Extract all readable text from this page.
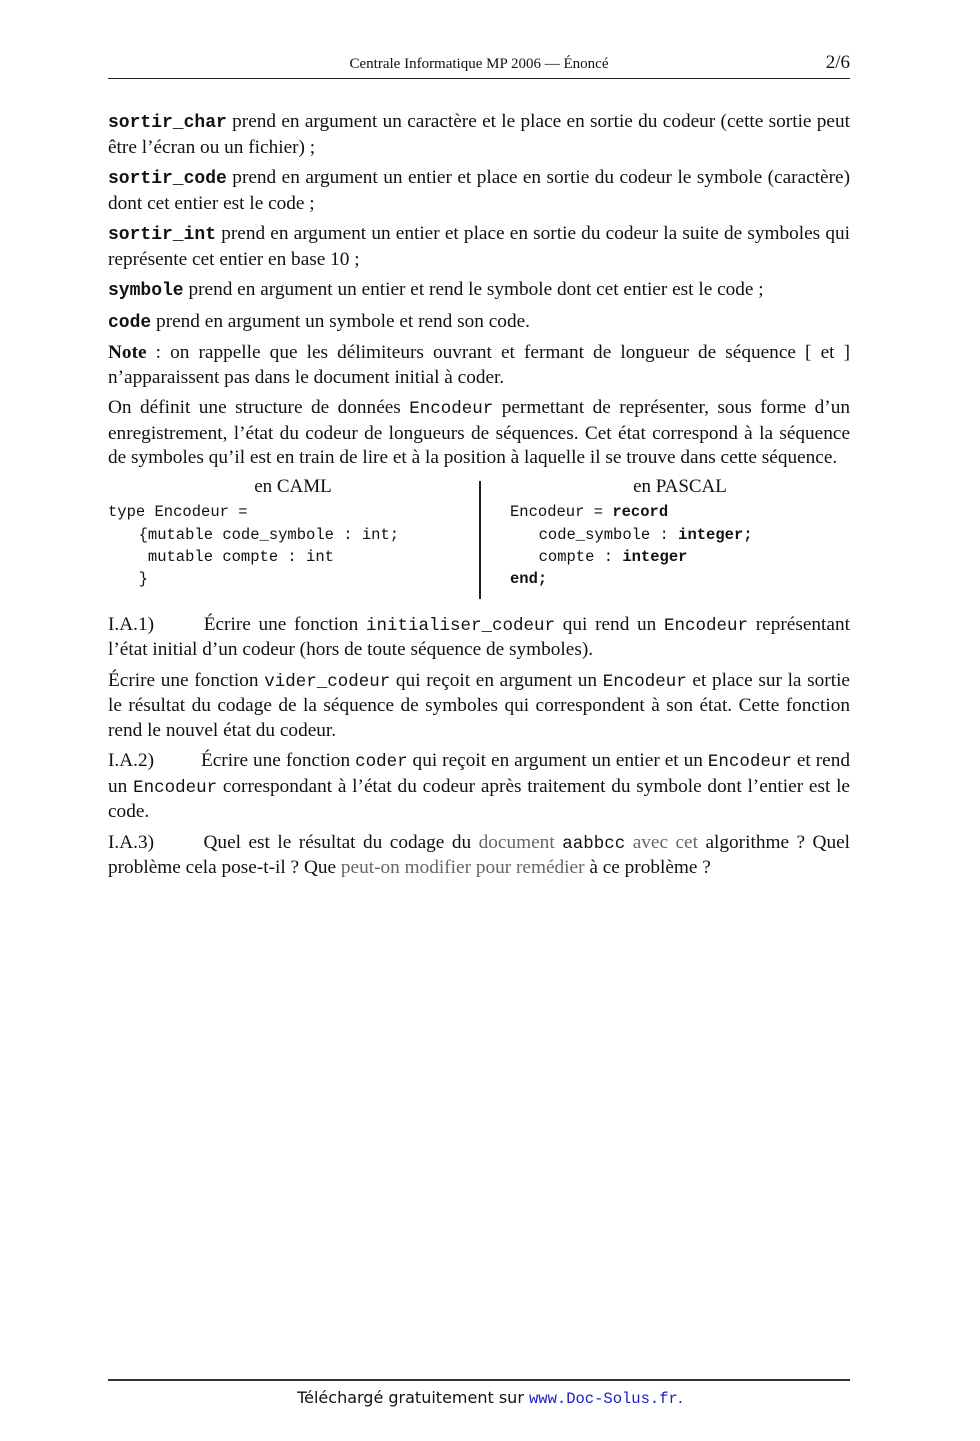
Centrale Informatique MP 2006 — Énoncé	2/6

sortir_char prend en argument un caractère et le place en sortie du codeur (cette sortie peut être l’écran ou un fichier) ;

sortir_code prend en argument un entier et place en sortie du codeur le symbole (caractère) dont cet entier est le code ;

sortir_int prend en argument un entier et place en sortie du codeur la suite de symboles qui représente cet entier en base 10 ;

symbole prend en argument un entier et rend le symbole dont cet entier est le code ;

code prend en argument un symbole et rend son code.

Note : on rappelle que les délimiteurs ouvrant et fermant de longueur de séquence [ et ] n’apparaissent pas dans le document initial à coder.

On définit une structure de données Encodeur permettant de représenter, sous forme d’un enregistrement, l’état du codeur de longueurs de séquences. Cet état correspond à la séquence de symboles qu’il est en train de lire et à la position à laquelle il se trouve dans cette séquence.

en CAML	en PASCAL
type Encodeur =
{mutable code_symbole : int;
mutable compte : int
}
Encodeur = record
code_symbole : integer;
compte : integer
end;

I.A.1)	Écrire une fonction initialiser_codeur qui rend un Encodeur représentant l’état initial d’un codeur (hors de toute séquence de symboles).

Écrire une fonction vider_codeur qui reçoit en argument un Encodeur et place sur la sortie le résultat du codage de la séquence de symboles qui correspondent à son état. Cette fonction rend le nouvel état du codeur.

I.A.2) Écrire une fonction coder qui reçoit en argument un entier et un Encodeur et rend un Encodeur correspondant à l’état du codeur après traitement du symbole dont l’entier est le code.

I.A.3)	Quel est le résultat du codage du document aabbcc avec cet algorithme ? Quel problème cela pose-t-il ? Que peut-on modifier pour remédier à ce problème ?

Téléchargé gratuitement sur www.Doc-Solus.fr.
